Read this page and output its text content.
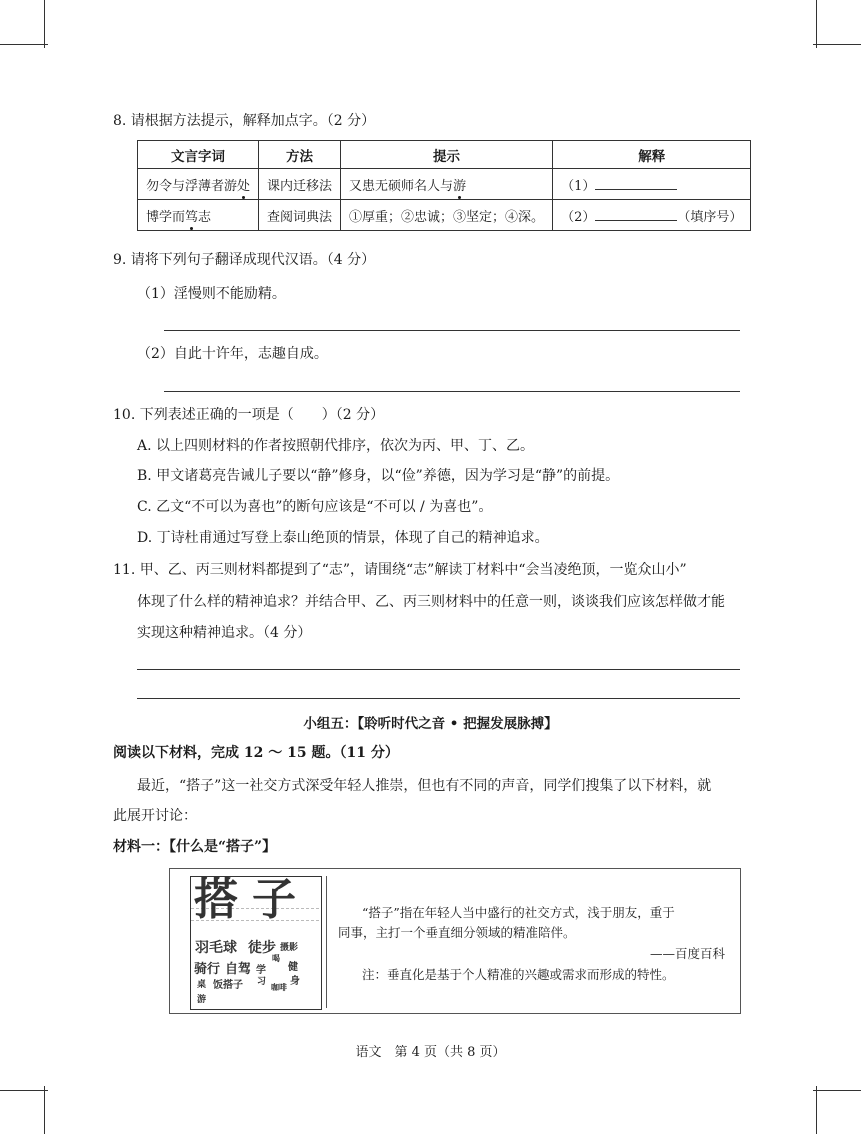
8. 请根据方法提示，解释加点字。（2 分）
文言字词	方法	提示	解释
勿令与浮薄者游处	课内迁移法	又患无硕师名人与游	（1）
博学而笃志	查阅词典法	①厚重；②忠诚；③坚定；④深。	（2） （填序号）
9. 请将下列句子翻译成现代汉语。（4 分）
（1）淫慢则不能励精。
（2）自此十许年，志趣自成。
10. 下列表述正确的一项是（　　）（2 分）
A. 以上四则材料的作者按照朝代排序，依次为丙、甲、丁、乙。
B. 甲文诸葛亮告诫儿子要以“静”修身，以“俭”养德，因为学习是“静”的前提。
C. 乙文“不可以为喜也”的断句应该是“不可以 / 为喜也”。
D. 丁诗杜甫通过写登上泰山绝顶的情景，体现了自己的精神追求。
11. 甲、乙、丙三则材料都提到了“志”，请围绕“志”解读丁材料中“会当凌绝顶，一览众山小”
体现了什么样的精神追求？并结合甲、乙、丙三则材料中的任意一则，谈谈我们应该怎样做才能
实现这种精神追求。（4 分）
小组五：【聆听时代之音 • 把握发展脉搏】
阅读以下材料，完成 12 ～ 15 题。（11 分）
最近，“搭子”这一社交方式深受年轻人推崇，但也有不同的声音，同学们搜集了以下材料，就
此展开讨论：
材料一：【什么是“搭子”】
搭 子
羽毛球 徒步 摄影
骑行 自驾 学
喝
健
桌 饭搭子 习 身
游
咖啡
“搭子”指在年轻人当中盛行的社交方式，浅于朋友，重于
同事，主打一个垂直细分领域的精准陪伴。
——百度百科
注：垂直化是基于个人精准的兴趣或需求而形成的特性。
语文　第 4 页（共 8 页）
